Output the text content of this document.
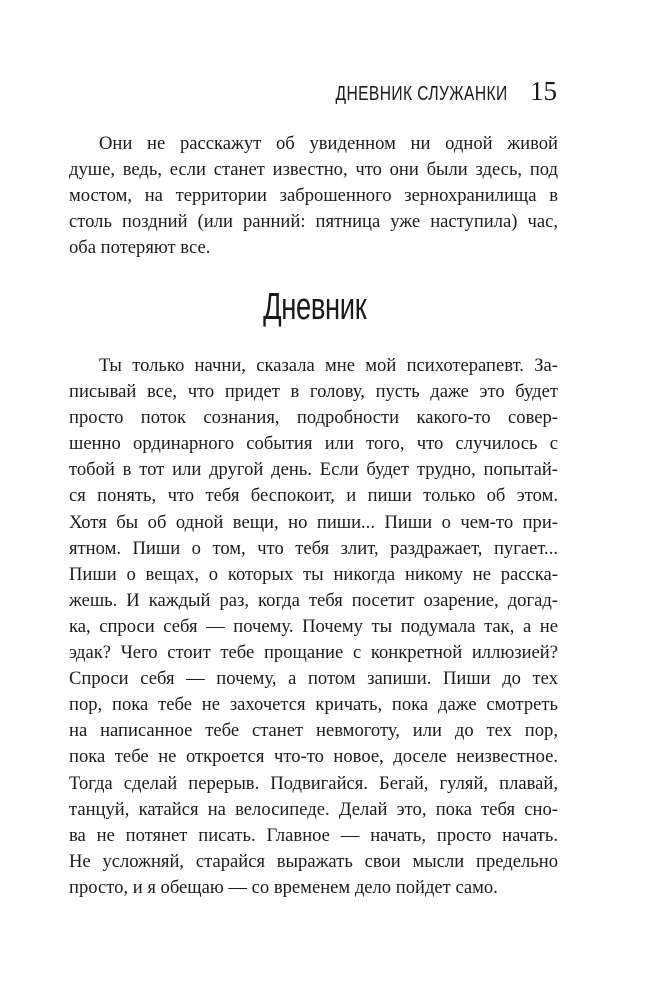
ДНЕВНИК СЛУЖАНКИ 15
Они не расскажут об увиденном ни одной живой
душе, ведь, если станет известно, что они были здесь, под
мостом, на территории заброшенного зернохранилища в
столь поздний (или ранний: пятница уже наступила) час,
оба потеряют все.
Дневник
Ты только начни, сказала мне мой психотерапевт. За-
писывай все, что придет в голову, пусть даже это будет
просто поток сознания, подробности какого-то совер-
шенно ординарного события или того, что случилось с
тобой в тот или другой день. Если будет трудно, попытай-
ся понять, что тебя беспокоит, и пиши только об этом.
Хотя бы об одной вещи, но пиши... Пиши о чем-то при-
ятном. Пиши о том, что тебя злит, раздражает, пугает...
Пиши о вещах, о которых ты никогда никому не расска-
жешь. И каждый раз, когда тебя посетит озарение, догад-
ка, спроси себя — почему. Почему ты подумала так, а не
эдак? Чего стоит тебе прощание с конкретной иллюзией?
Спроси себя — почему, а потом запиши. Пиши до тех
пор, пока тебе не захочется кричать, пока даже смотреть
на написанное тебе станет невмоготу, или до тех пор,
пока тебе не откроется что-то новое, доселе неизвестное.
Тогда сделай перерыв. Подвигайся. Бегай, гуляй, плавай,
танцуй, катайся на велосипеде. Делай это, пока тебя сно-
ва не потянет писать. Главное — начать, просто начать.
Не усложняй, старайся выражать свои мысли предельно
просто, и я обещаю — со временем дело пойдет само.
